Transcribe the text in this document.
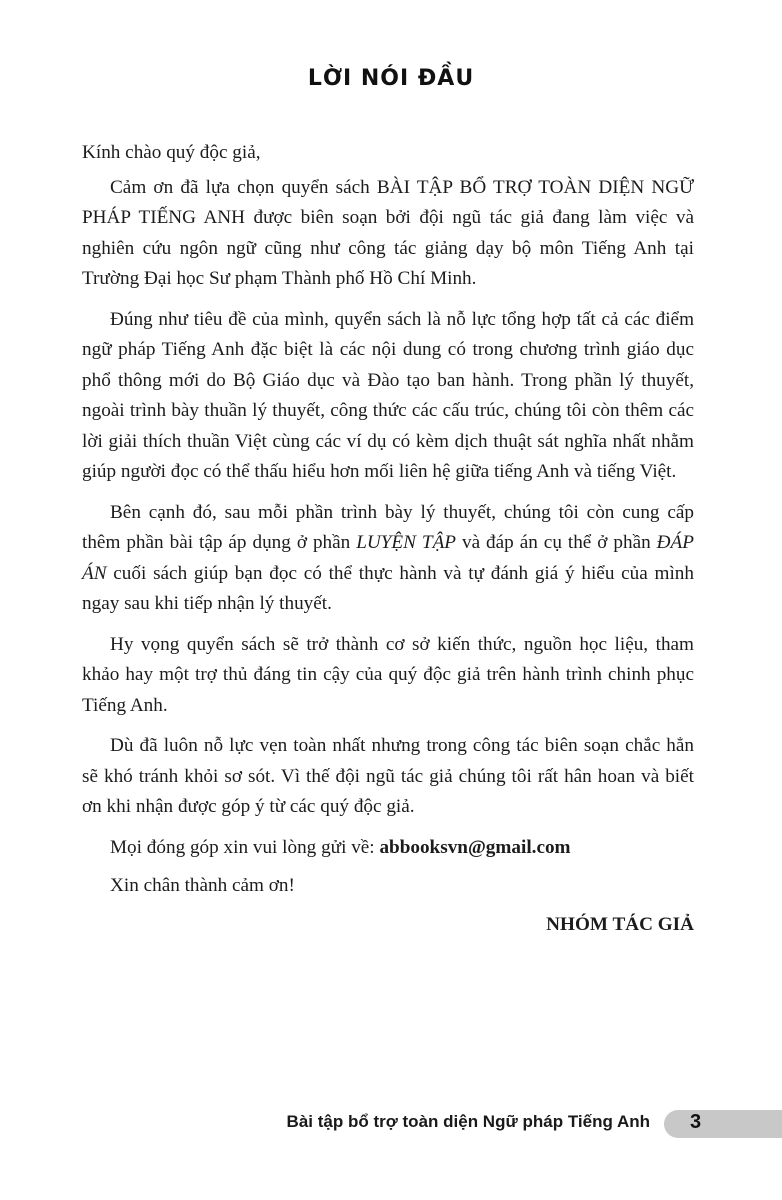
LỜI NÓI ĐẦU

Kính chào quý độc giả,

Cảm ơn đã lựa chọn quyển sách BÀI TẬP BỔ TRỢ TOÀN DIỆN NGỮ PHÁP TIẾNG ANH được biên soạn bởi đội ngũ tác giả đang làm việc và nghiên cứu ngôn ngữ cũng như công tác giảng dạy bộ môn Tiếng Anh tại Trường Đại học Sư phạm Thành phố Hồ Chí Minh.

Đúng như tiêu đề của mình, quyển sách là nỗ lực tổng hợp tất cả các điểm ngữ pháp Tiếng Anh đặc biệt là các nội dung có trong chương trình giáo dục phổ thông mới do Bộ Giáo dục và Đào tạo ban hành. Trong phần lý thuyết, ngoài trình bày thuần lý thuyết, công thức các cấu trúc, chúng tôi còn thêm các lời giải thích thuần Việt cùng các ví dụ có kèm dịch thuật sát nghĩa nhất nhằm giúp người đọc có thể thấu hiểu hơn mối liên hệ giữa tiếng Anh và tiếng Việt.

Bên cạnh đó, sau mỗi phần trình bày lý thuyết, chúng tôi còn cung cấp thêm phần bài tập áp dụng ở phần LUYỆN TẬP và đáp án cụ thể ở phần ĐÁP ÁN cuối sách giúp bạn đọc có thể thực hành và tự đánh giá ý hiểu của mình ngay sau khi tiếp nhận lý thuyết.

Hy vọng quyển sách sẽ trở thành cơ sở kiến thức, nguồn học liệu, tham khảo hay một trợ thủ đáng tin cậy của quý độc giả trên hành trình chinh phục Tiếng Anh.

Dù đã luôn nỗ lực vẹn toàn nhất nhưng trong công tác biên soạn chắc hẳn sẽ khó tránh khỏi sơ sót. Vì thế đội ngũ tác giả chúng tôi rất hân hoan và biết ơn khi nhận được góp ý từ các quý độc giả.

Mọi đóng góp xin vui lòng gửi về: abbooksvn@gmail.com

Xin chân thành cảm ơn!

NHÓM TÁC GIẢ

Bài tập bổ trợ toàn diện Ngữ pháp Tiếng Anh 3
